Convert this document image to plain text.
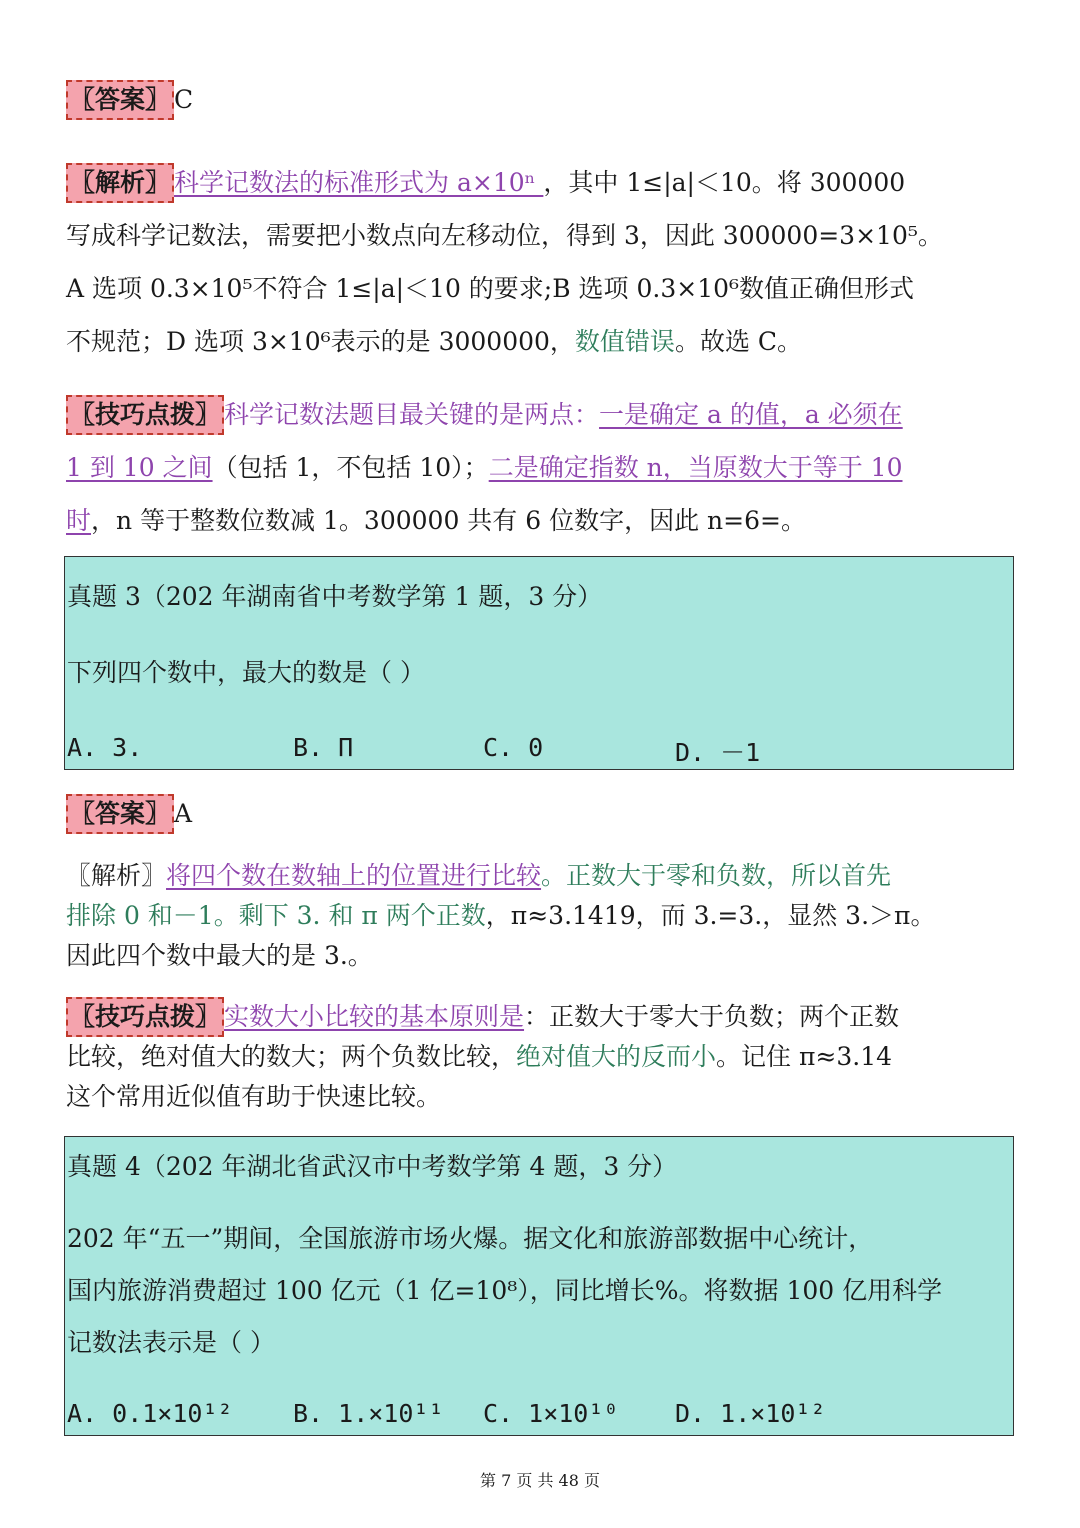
〖答案〗 C
〖解析〗 科学记数法的标准形式为 a×10ⁿ ，其中 1≤|a|＜10。将 300000
写成科学记数法，需要把小数点向左移动位，得到 3，因此 300000=3×10⁵。
A 选项 0.3×10⁵不符合 1≤|a|＜10 的要求;B 选项 0.3×10⁶数值正确但形式
不规范；D 选项 3×10⁶表示的是 3000000，数值错误。故选 C。
〖技巧点拨〗 科学记数法题目最关键的是两点：一是确定 a 的值，a 必须在
1 到 10 之间（包括 1，不包括 10）；二是确定指数 n，当原数大于等于 10
时，n 等于整数位数减 1。300000 共有 6 位数字，因此 n=6=。
真题 3（202 年湖南省中考数学第 1 题，3 分）
下列四个数中，最大的数是（ ）
A. 3.	B. Π	C. 0	D. －1
〖答案〗 A
〖解析〗将四个数在数轴上的位置进行比较。正数大于零和负数，所以首先
排除 0 和－1。剩下 3. 和 π 两个正数，π≈3.1419，而 3.=3.，显然 3.＞π。
因此四个数中最大的是 3.。
〖技巧点拨〗 实数大小比较的基本原则是：正数大于零大于负数；两个正数
比较，绝对值大的数大；两个负数比较，绝对值大的反而小。记住 π≈3.14
这个常用近似值有助于快速比较。
真题 4（202 年湖北省武汉市中考数学第 4 题，3 分）
202 年“五一”期间，全国旅游市场火爆。据文化和旅游部数据中心统计，
国内旅游消费超过 100 亿元（1 亿=10⁸），同比增长%。将数据 100 亿用科学
记数法表示是（ ）
A. 0.1×10¹² B. 1.×10¹¹ C. 1×10¹⁰ D. 1.×10¹²
第 7 页 共 48 页
